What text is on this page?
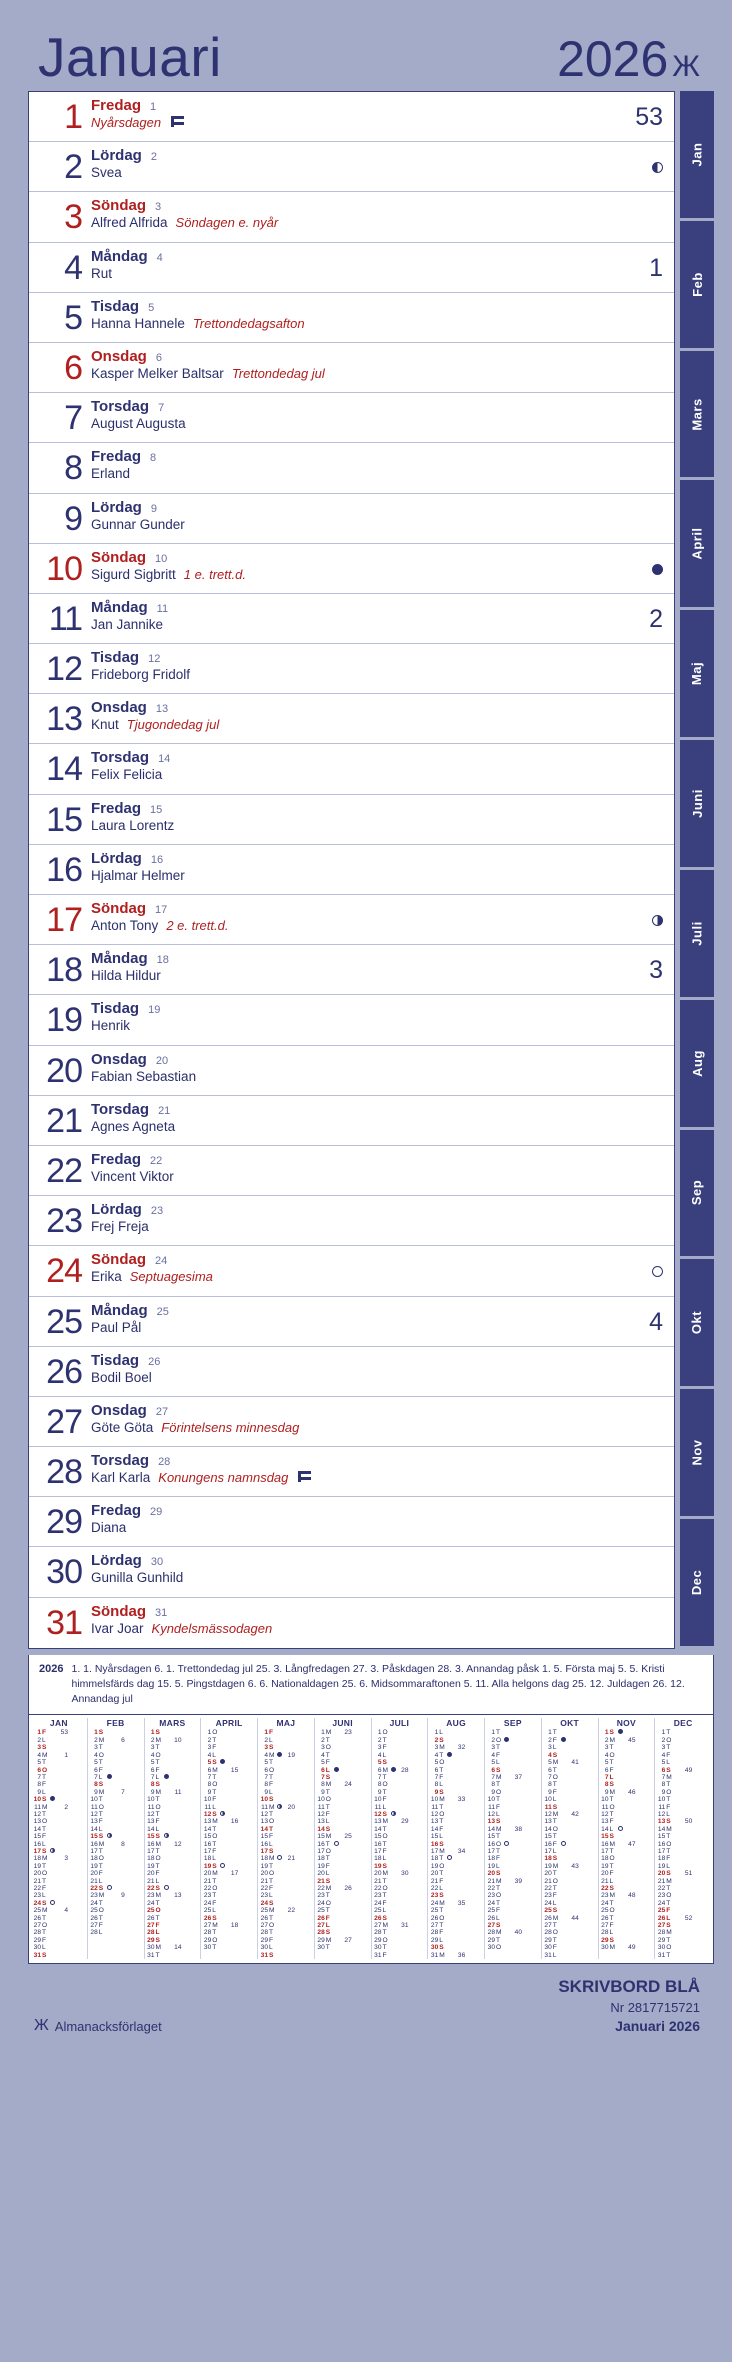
Januari	2026 Ж
1 Fredag 1
Nyårsdagen	53
2 Lördag 2
Svea
3 Söndag 3
Alfred Alfrida Söndagen e. nyår
4 Måndag 4
Rut	1
5 Tisdag 5
Hanna Hannele Trettondedagsafton
6 Onsdag 6
Kasper Melker Baltsar Trettondedag jul
7 Torsdag 7
August Augusta
8 Fredag 8
Erland
9 Lördag 9
Gunnar Gunder
10 Söndag 10
Sigurd Sigbritt 1 e. trett.d.
11 Måndag 11
Jan Jannike	2
12 Tisdag 12
Frideborg Fridolf
13 Onsdag 13
Knut Tjugondedag jul
14 Torsdag 14
Felix Felicia
15 Fredag 15
Laura Lorentz
16 Lördag 16
Hjalmar Helmer
17 Söndag 17
Anton Tony 2 e. trett.d.
18 Måndag 18
Hilda Hildur	3
19 Tisdag 19
Henrik
20 Onsdag 20
Fabian Sebastian
21 Torsdag 21
Agnes Agneta
22 Fredag 22
Vincent Viktor
23 Lördag 23
Frej Freja
24 Söndag 24
Erika Septuagesima
25 Måndag 25
Paul Pål	4
26 Tisdag 26
Bodil Boel
27 Onsdag 27
Göte Göta Förintelsens minnesdag
28 Torsdag 28
Karl Karla Konungens namnsdag
29 Fredag 29
Diana
30 Lördag 30
Gunilla Gunhild
31 Söndag 31
Ivar Joar Kyndelsmässodagen
Jan
Feb
Mars
April
Maj
Juni
Juli
Aug
Sep
Okt
Nov
Dec
2026 1. 1. Nyårsdagen 6. 1. Trettondedag jul 25. 3. Långfredagen 27. 3. Påskdagen 28. 3. Annandag påsk 1. 5. Första maj 5. 5. Kristi himmelsfärds dag 15. 5. Pingstdagen 6. 6. Nationaldagen 25. 6. Midsommaraftonen 5. 11. Alla helgons dag 25. 12. Juldagen 26. 12. Annandag jul
JAN
1 F	53
2 L
3 S
4 M	1
5 T
6 O
7 T
8 F
9 L
10 S
11 M	2
12 T
13 O
14 T
15 F
16 L
17 S
18 M	3
19 T
20 O
21 T
22 F
23 L
24 S
25 M	4
26 T
27 O
28 T
29 F
30 L
31 S
FEB
1 S
2 M	6
3 T
4 O
5 T
6 F
7 L
8 S
9 M	7
10 T
11 O
12 T
13 F
14 L
15 S
16 M	8
17 T
18 O
19 T
20 F
21 L
22 S
23 M	9
24 T
25 O
26 T
27 F
28 L
MARS
1 S
2 M	10
3 T
4 O
5 T
6 F
7 L
8 S
9 M	11
10 T
11 O
12 T
13 F
14 L
15 S
16 M	12
17 T
18 O
19 T
20 F
21 L
22 S
23 M	13
24 T
25 O
26 T
27 F
28 L
29 S
30 M	14
31 T
APRIL
1 O
2 T
3 F
4 L
5 S
6 M	15
7 T
8 O
9 T
10 F
11 L
12 S
13 M	16
14 T
15 O
16 T
17 F
18 L
19 S
20 M	17
21 T
22 O
23 T
24 F
25 L
26 S
27 M	18
28 T
29 O
30 T
MAJ
1 F
2 L
3 S
4 M	19
5 T
6 O
7 T
8 F
9 L
10 S
11 M	20
12 T
13 O
14 T
15 F
16 L
17 S
18 M	21
19 T
20 O
21 T
22 F
23 L
24 S
25 M	22
26 T
27 O
28 T
29 F
30 L
31 S
JUNI
1 M	23
2 T
3 O
4 T
5 F
6 L
7 S
8 M	24
9 T
10 O
11 T
12 F
13 L
14 S
15 M	25
16 T
17 O
18 T
19 F
20 L
21 S
22 M	26
23 T
24 O
25 T
26 F
27 L
28 S
29 M	27
30 T
JULI
1 O
2 T
3 F
4 L
5 S
6 M	28
7 T
8 O
9 T
10 F
11 L
12 S
13 M	29
14 T
15 O
16 T
17 F
18 L
19 S
20 M	30
21 T
22 O
23 T
24 F
25 L
26 S
27 M	31
28 T
29 O
30 T
31 F
AUG
1 L
2 S
3 M	32
4 T
5 O
6 T
7 F
8 L
9 S
10 M	33
11 T
12 O
13 T
14 F
15 L
16 S
17 M	34
18 T
19 O
20 T
21 F
22 L
23 S
24 M	35
25 T
26 O
27 T
28 F
29 L
30 S
31 M	36
SEP
1 T
2 O
3 T
4 F
5 L
6 S
7 M	37
8 T
9 O
10 T
11 F
12 L
13 S
14 M	38
15 T
16 O
17 T
18 F
19 L
20 S
21 M	39
22 T
23 O
24 T
25 F
26 L
27 S
28 M	40
29 T
30 O
OKT
1 T
2 F
3 L
4 S
5 M	41
6 T
7 O
8 T
9 F
10 L
11 S
12 M	42
13 T
14 O
15 T
16 F
17 L
18 S
19 M	43
20 T
21 O
22 T
23 F
24 L
25 S
26 M	44
27 T
28 O
29 T
30 F
31 L
NOV
1 S
2 M	45
3 T
4 O
5 T
6 F
7 L
8 S
9 M	46
10 T
11 O
12 T
13 F
14 L
15 S
16 M	47
17 T
18 O
19 T
20 F
21 L
22 S
23 M	48
24 T
25 O
26 T
27 F
28 L
29 S
30 M	49
DEC
1 T
2 O
3 T
4 F
5 L
6 S	49
7 M
8 T
9 O
10 T
11 F
12 L
13 S	50
14 M
15 T
16 O
17 T
18 F
19 L
20 S	51
21 M
22 T
23 O
24 T
25 F
26 L	52
27 S
28 M
29 T
30 O
31 T
Ж Almanacksförlaget
SKRIVBORD BLÅ
Nr 2817715721
Januari 2026
